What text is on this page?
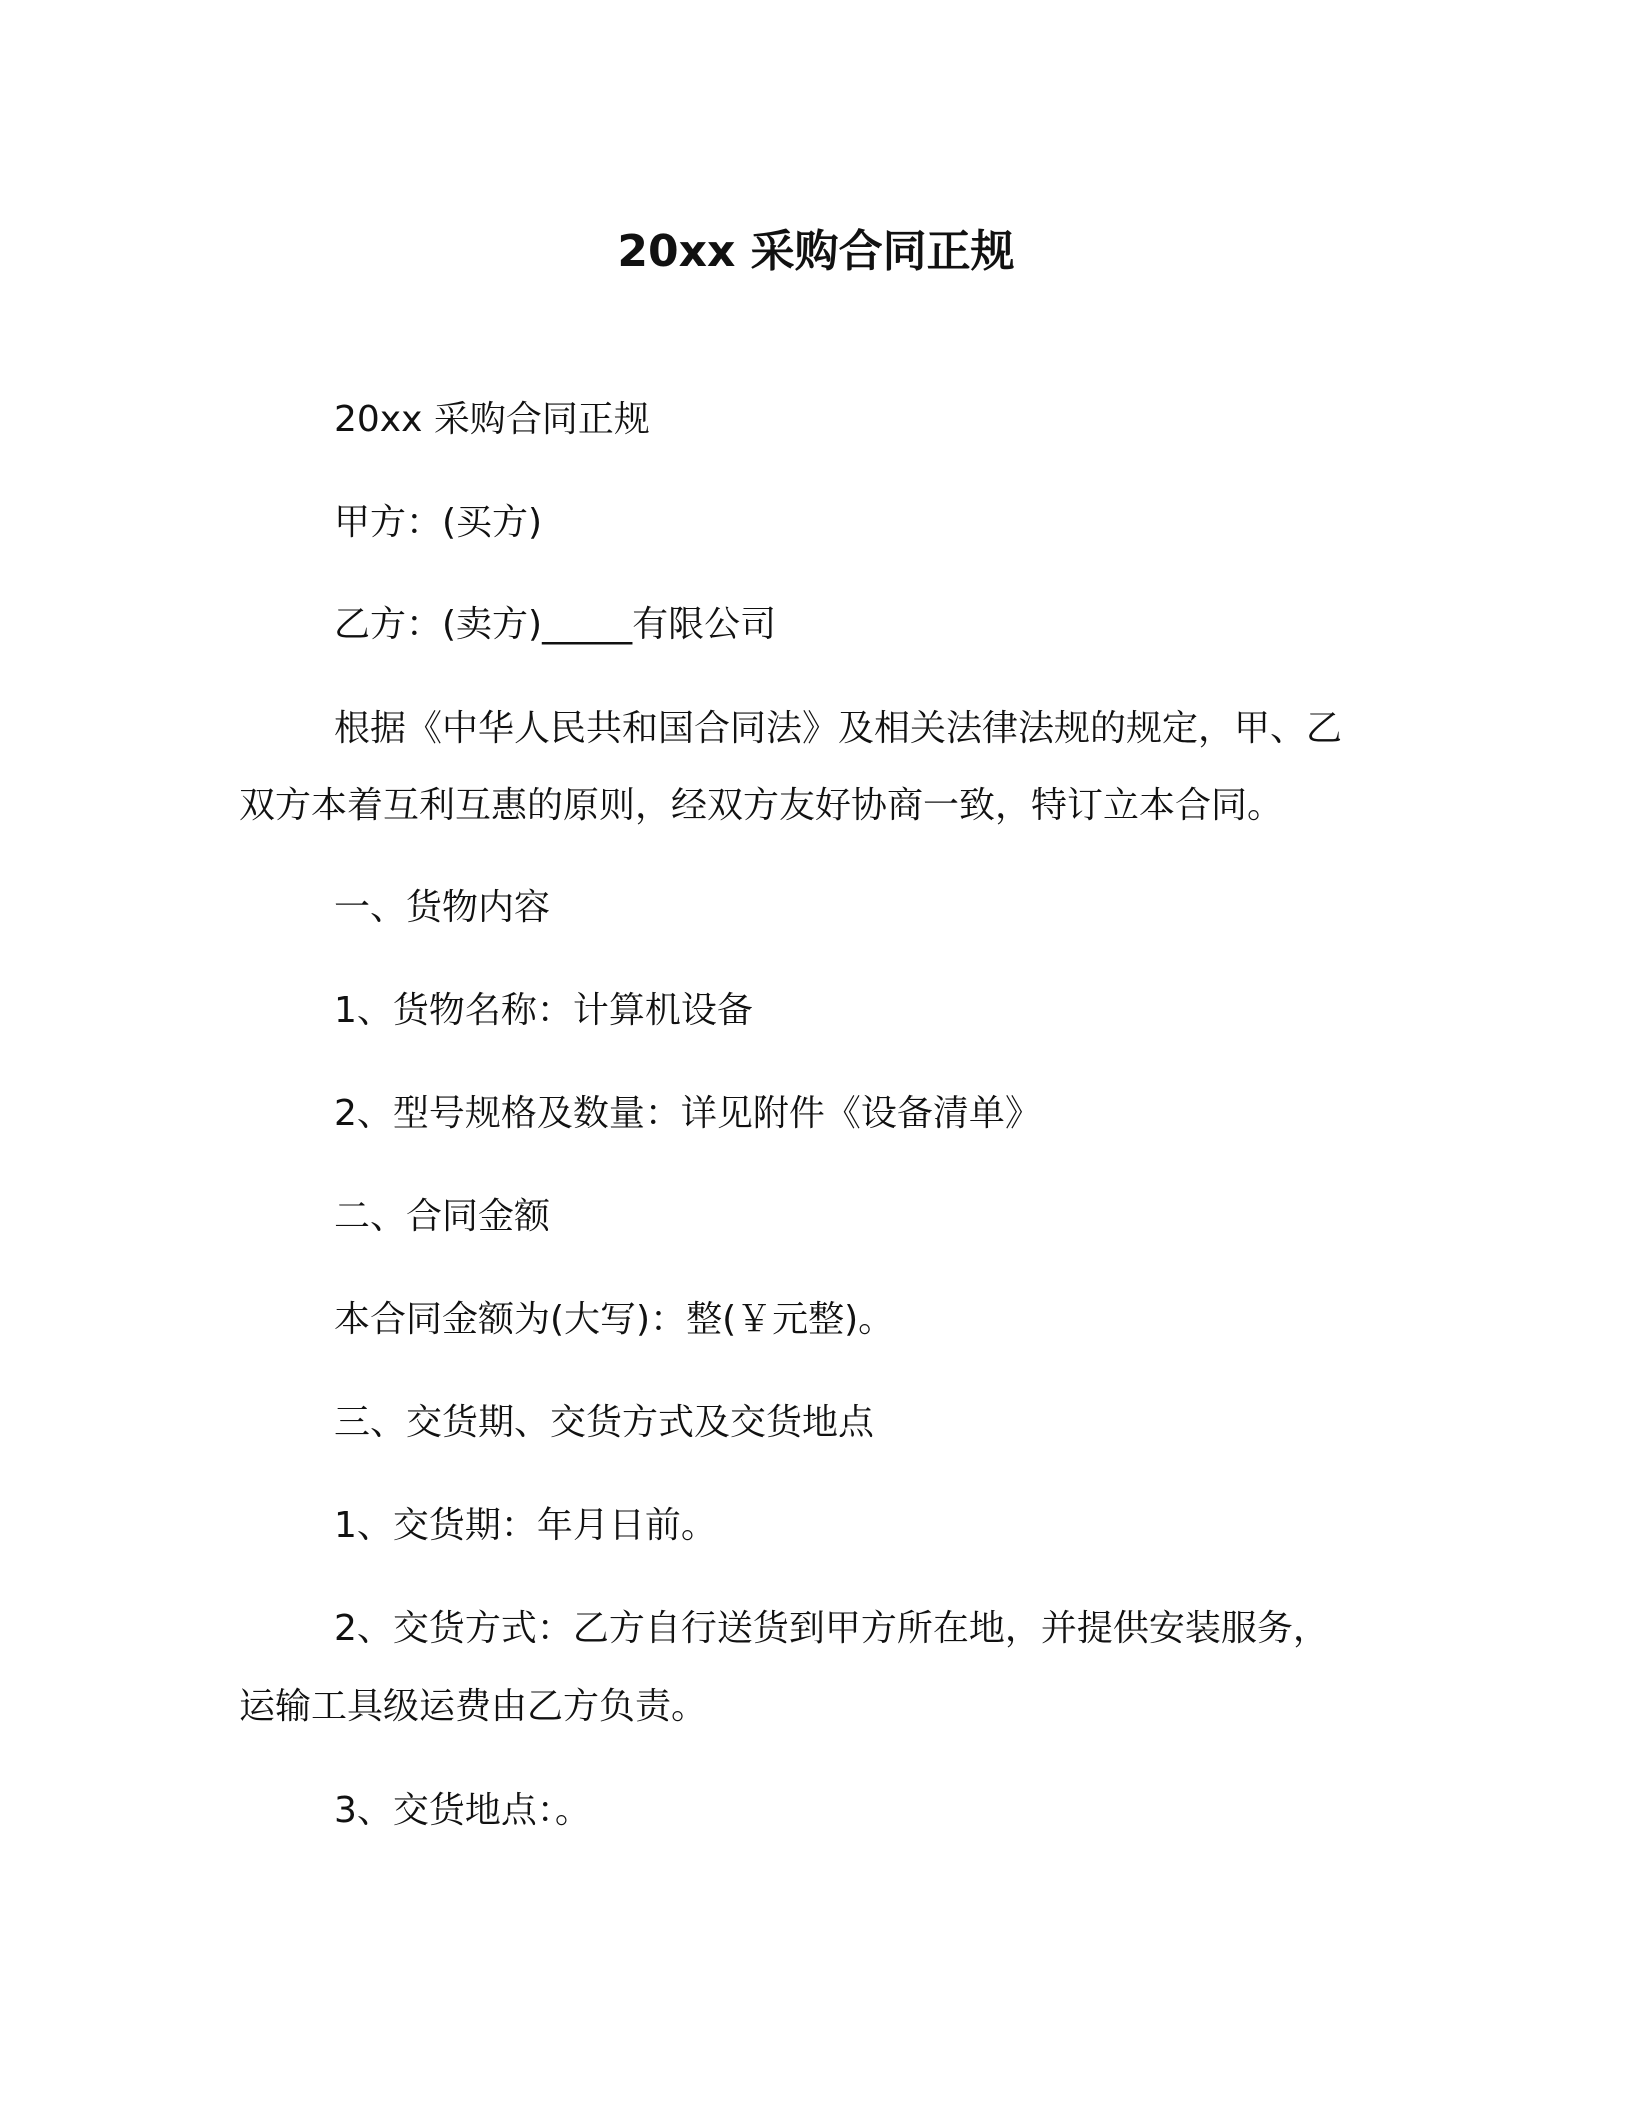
20xx 采购合同正规
20xx 采购合同正规
甲方：(买方)
乙方：(卖方)_____有限公司
根据《中华人民共和国合同法》及相关法律法规的规定，甲、乙
双方本着互利互惠的原则，经双方友好协商一致，特订立本合同。
一、货物内容
1、货物名称：计算机设备
2、型号规格及数量：详见附件《设备清单》
二、合同金额
本合同金额为(大写)：整(￥元整)。
三、交货期、交货方式及交货地点
1、交货期：年月日前。
2、交货方式：乙方自行送货到甲方所在地，并提供安装服务，
运输工具级运费由乙方负责。
3、交货地点：。
